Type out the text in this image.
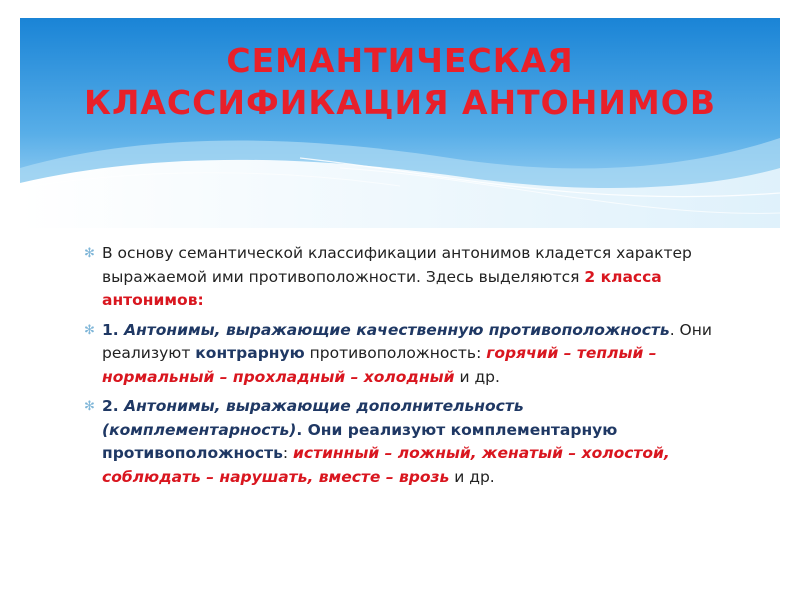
СЕМАНТИЧЕСКАЯ
КЛАССИФИКАЦИЯ АНТОНИМОВ

✻ В основу семантической классификации антонимов кладется характер выражаемой ими противоположности. Здесь выделяются 2 класса антонимов:

✻ 1. Антонимы, выражающие качественную противоположность. Они реализуют контрарную противоположность: горячий – теплый – нормальный – прохладный – холодный и др.

✻ 2. Антонимы, выражающие дополнительность (комплементарность). Они реализуют комплементарную противоположность: истинный – ложный, женатый – холостой, соблюдать – нарушать, вместе – врозь и др.
